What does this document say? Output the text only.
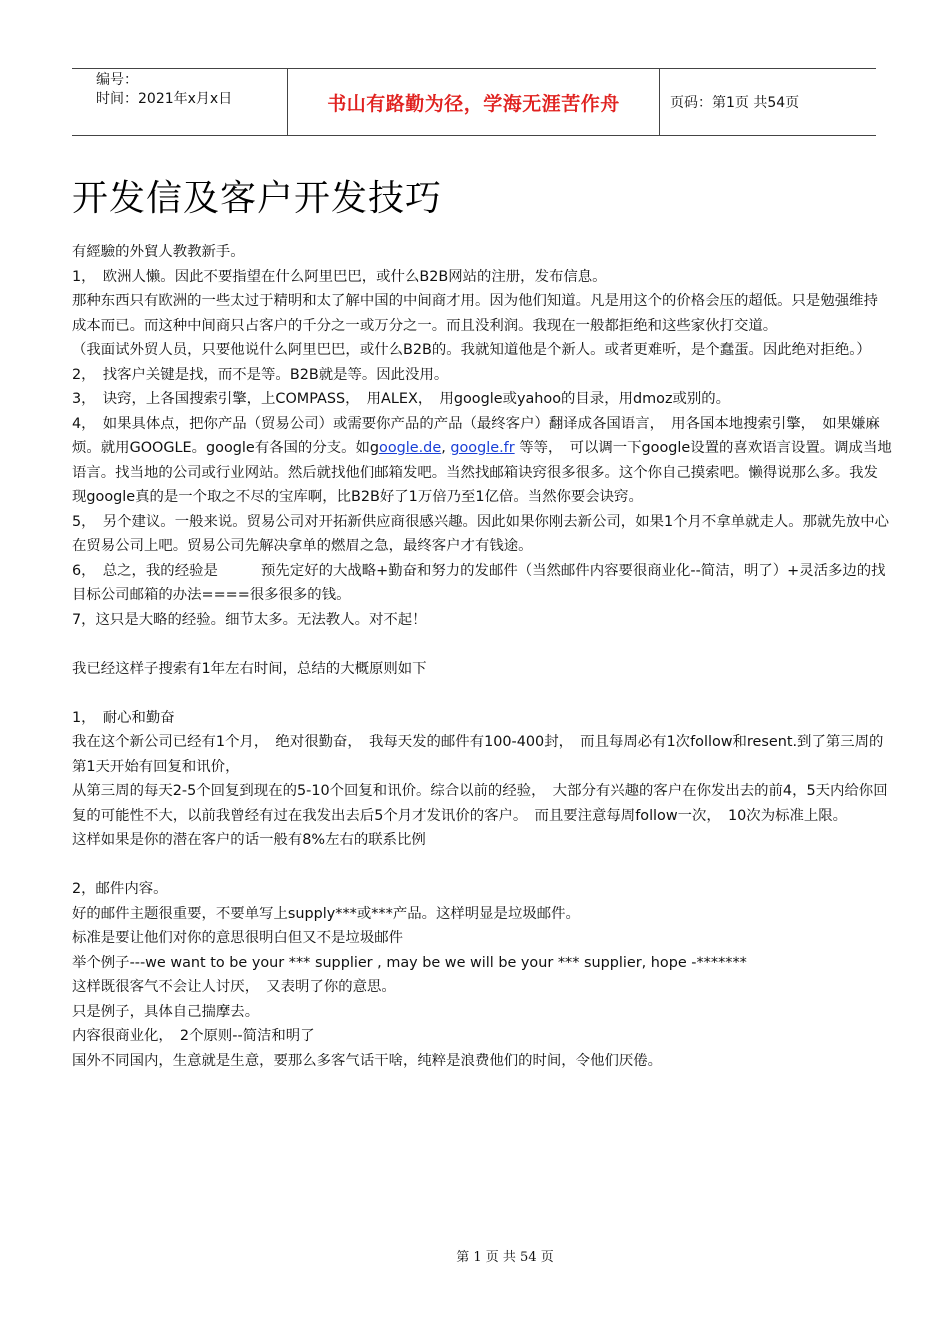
编号：
时间：2021年x月x日	书山有路勤为径，学海无涯苦作舟	页码：第1页 共54页
开发信及客户开发技巧

有經驗的外貿人教教新手。

1，　欧洲人懒。因此不要指望在什么阿里巴巴，或什么B2B网站的注册，发布信息。

那种东西只有欧洲的一些太过于精明和太了解中国的中间商才用。因为他们知道。凡是用这个的价格会压的超低。只是勉强维持成本而已。而这种中间商只占客户的千分之一或万分之一。而且没利润。我现在一般都拒绝和这些家伙打交道。

（我面试外贸人员，只要他说什么阿里巴巴，或什么B2B的。我就知道他是个新人。或者更难听，是个蠢蛋。因此绝对拒绝。）

2，　找客户关键是找，而不是等。B2B就是等。因此没用。

3，　诀窍，上各国搜索引擎，上COMPASS，　用ALEX，　用google或yahoo的目录，用dmoz或别的。

4，　如果具体点，把你产品（贸易公司）或需要你产品的产品（最终客户）翻译成各国语言，　用各国本地搜索引擎，　如果嫌麻烦。就用GOOGLE。google有各国的分支。如google.de, google.fr 等等，　可以调一下google设置的喜欢语言设置。调成当地语言。找当地的公司或行业网站。然后就找他们邮箱发吧。当然找邮箱诀窍很多很多。这个你自己摸索吧。懒得说那么多。我发现google真的是一个取之不尽的宝库啊，比B2B好了1万倍乃至1亿倍。当然你要会诀窍。

5，　另个建议。一般来说。贸易公司对开拓新供应商很感兴趣。因此如果你刚去新公司，如果1个月不拿单就走人。那就先放中心在贸易公司上吧。贸易公司先解决拿单的燃眉之急，最终客户才有钱途。

6，　总之，我的经验是　　　预先定好的大战略+勤奋和努力的发邮件（当然邮件内容要很商业化--简洁，明了）+灵活多边的找目标公司邮箱的办法====很多很多的钱。

7，这只是大略的经验。细节太多。无法教人。对不起！

我已经这样子搜索有1年左右时间，总结的大概原则如下

1，　耐心和勤奋

我在这个新公司已经有1个月，　绝对很勤奋，　我每天发的邮件有100-400封，　而且每周必有1次follow和resent.到了第三周的第1天开始有回复和讯价，

从第三周的每天2-5个回复到现在的5-10个回复和讯价。综合以前的经验，　大部分有兴趣的客户在你发出去的前4，5天内给你回复的可能性不大，以前我曾经有过在我发出去后5个月才发讯价的客户。　而且要注意每周follow一次，　10次为标准上限。

这样如果是你的潜在客户的话一般有8%左右的联系比例

2，邮件内容。

好的邮件主题很重要，不要单写上supply***或***产品。这样明显是垃圾邮件。

标准是要让他们对你的意思很明白但又不是垃圾邮件

举个例子---we want to be your *** supplier , may be we will be your *** supplier, hope -*******

这样既很客气不会让人讨厌，　又表明了你的意思。

只是例子，具体自己揣摩去。

内容很商业化，　2个原则--简洁和明了

国外不同国内，生意就是生意，要那么多客气话干啥，纯粹是浪费他们的时间，令他们厌倦。

第 1 页 共 54 页
